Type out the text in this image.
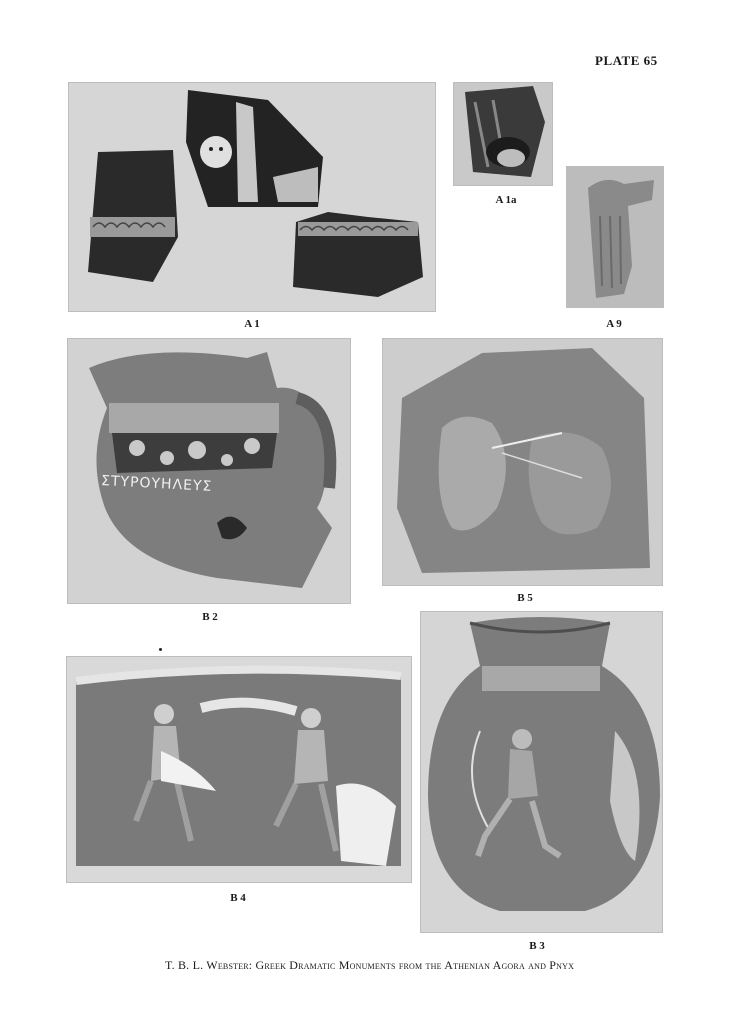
PLATE 65
A 1
A 1a
A 9
ΣΤΥΡΟΥΗΛΕΥΣ
B 2
B 5
B 4
B 3
T. B. L. Webster: Greek Dramatic Monuments from the Athenian Agora and Pnyx
